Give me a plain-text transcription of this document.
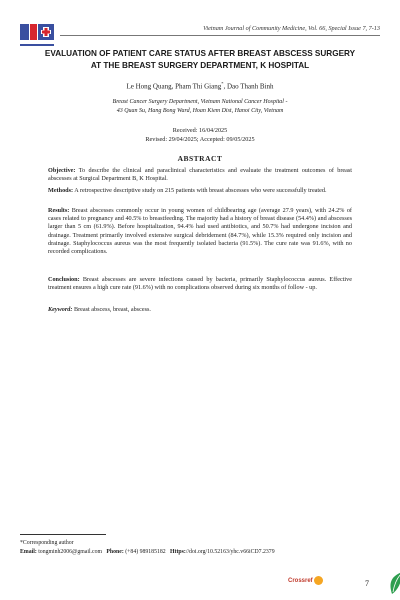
Vietnam Journal of Community Medicine, Vol. 66, Special Issue 7, 7-13
EVALUATION OF PATIENT CARE STATUS AFTER BREAST ABSCESS SURGERY
AT THE BREAST SURGERY DEPARTMENT, K HOSPITAL
Le Hong Quang, Pham Thi Giang*, Dao Thanh Binh
Breast Cancer Surgery Department, Vietnam National Cancer Hospital -
43 Quan Su, Hang Bong Ward, Hoan Kiem Dist, Hanoi City, Vietnam
Received: 16/04/2025
Revised: 29/04/2025; Accepted: 09/05/2025
ABSTRACT
Objective: To describe the clinical and paraclinical characteristics and evaluate the treatment outcomes of breast abscesses at Surgical Department B, K Hospital.
Methods: A retrospective descriptive study on 215 patients with breast abscesses who were successfully treated.
Results: Breast abscesses commonly occur in young women of childbearing age (average 27.9 years), with 24.2% of cases related to pregnancy and 40.5% to breastfeeding. The majority had a history of breast disease (54.4%) and abscesses larger than 5 cm (61.9%). Before hospitalization, 94.4% had used antibiotics, and 50.7% had undergone incision and drainage. Treatment primarily involved extensive surgical debridement (84.7%), while 15.3% required only incision and drainage. Staphylococcus aureus was the most frequently isolated bacteria (91.5%). The cure rate was 91.6%, with no recorded complications.
Conclusion: Breast abscesses are severe infections caused by bacteria, primarily Staphylococcus aureus. Effective treatment ensures a high cure rate (91.6%) with no complications observed during six months of follow - up.
Keyword: Breast abscess, breast, abscess.
*Corresponding author
Email: tongminh2006@gmail.com Phone: (+84) 989185182 Https://doi.org/10.52163/yhc.v66iCD7.2379
Crossref	7
